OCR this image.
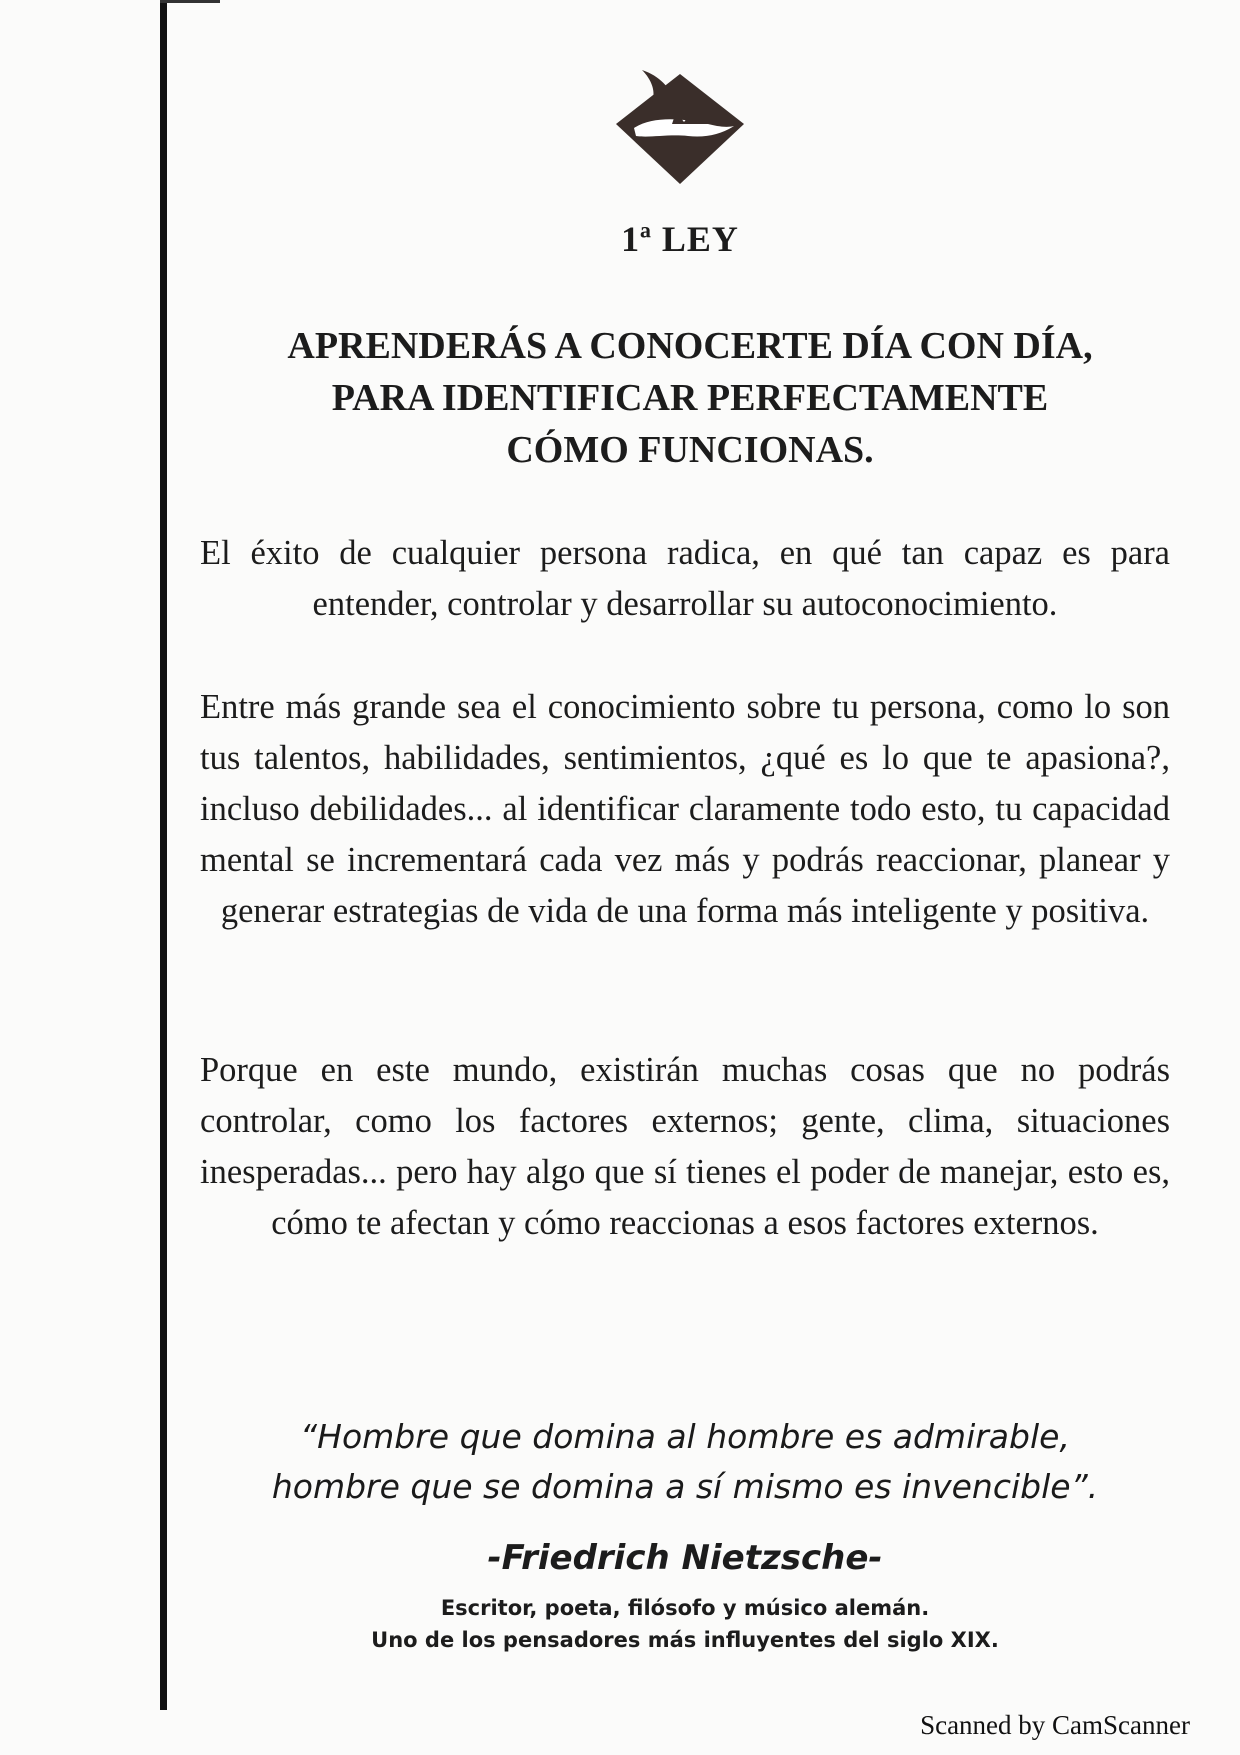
1ª LEY
APRENDERÁS A CONOCERTE DÍA CON DÍA,
PARA IDENTIFICAR PERFECTAMENTE
CÓMO FUNCIONAS.
El éxito de cualquier persona radica, en qué tan capaz es para entender, controlar y desarrollar su autoconocimiento.
Entre más grande sea el conocimiento sobre tu persona, como lo son tus talentos, habilidades, sentimientos, ¿qué es lo que te apasiona?, incluso debilidades... al identificar claramente todo esto, tu capacidad mental se incrementará cada vez más y podrás reaccionar, planear y generar estrategias de vida de una forma más inteligente y positiva.
Porque en este mundo, existirán muchas cosas que no podrás controlar, como los factores externos; gente, clima, situaciones inesperadas... pero hay algo que sí tienes el poder de manejar, esto es, cómo te afectan y cómo reaccionas a esos factores externos.
“Hombre que domina al hombre es admirable,
hombre que se domina a sí mismo es invencible”.
-Friedrich Nietzsche-
Escritor, poeta, filósofo y músico alemán.
Uno de los pensadores más influyentes del siglo XIX.
Scanned by CamScanner
